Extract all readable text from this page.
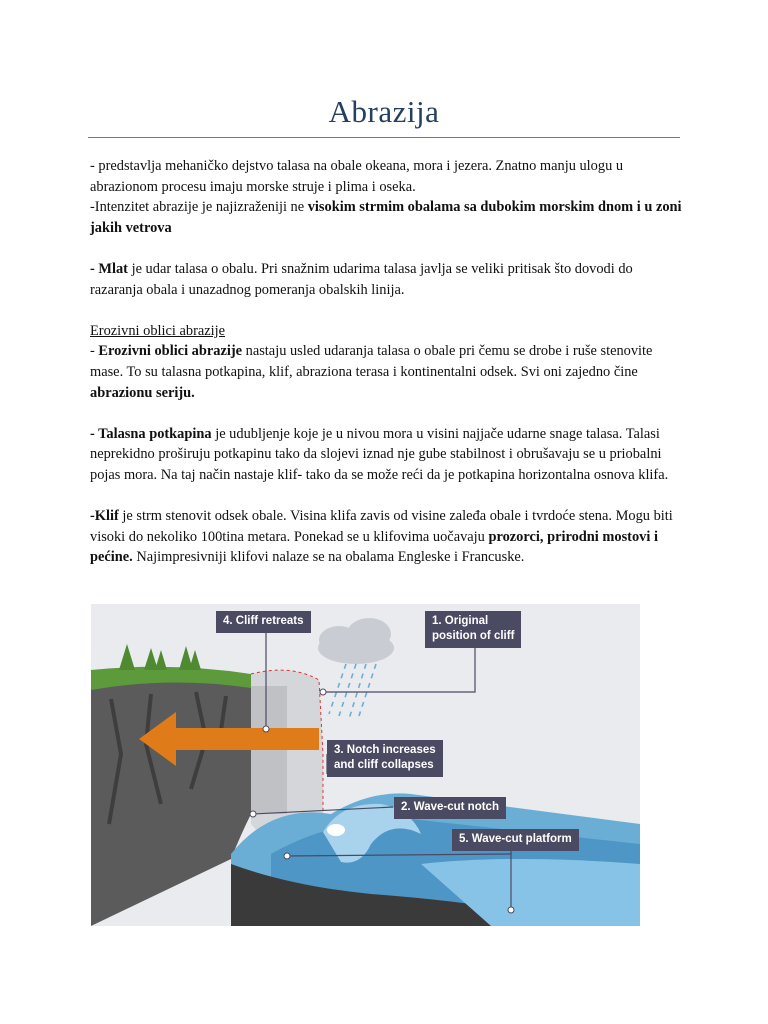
Abrazija

- predstavlja mehaničko dejstvo talasa na obale okeana, mora i jezera. Znatno manju ulogu u abrazionom procesu imaju morske struje i plima i oseka.
-Intenzitet abrazije je najizraženiji ne visokim strmim obalama sa dubokim morskim dnom i u zoni jakih vetrova

- Mlat je udar talasa o obalu. Pri snažnim udarima talasa javlja se veliki pritisak što dovodi do razaranja obala i unazadnog pomeranja obalskih linija.

Erozivni oblici abrazije
- Erozivni oblici abrazije nastaju usled udaranja talasa o obale pri čemu se drobe i ruše stenovite mase. To su talasna potkapina, klif, abraziona terasa i kontinentalni odsek. Svi oni zajedno čine abrazionu seriju.

- Talasna potkapina je udubljenje koje je u nivou mora u visini najjače udarne snage talasa. Talasi neprekidno proširuju potkapinu tako da slojevi iznad nje gube stabilnost i obrušavaju se u priobalni pojas mora. Na taj način nastaje klif- tako da se može reći da je potkapina horizontalna osnova klifa.

-Klif je strm stenovit odsek obale. Visina klifa zavis od visine zaleđa obale i tvrdoće stena. Mogu biti visoki do nekoliko 100tina metara. Ponekad se u klifovima uočavaju prozorci, prirodni mostovi i pećine. Najimpresivniji klifovi nalaze se na obalama Engleske i Francuske.

4. Cliff retreats	1. Original
position of cliff
3. Notch increases
and cliff collapses
2. Wave-cut notch
5. Wave-cut platform
